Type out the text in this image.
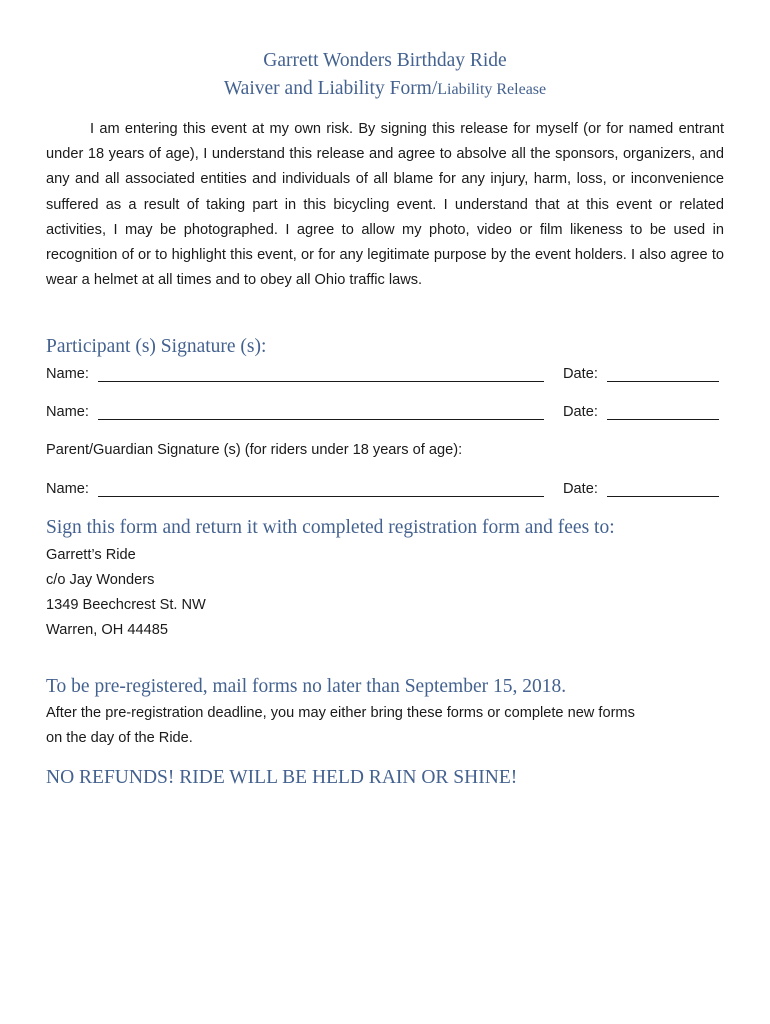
Garrett Wonders Birthday Ride
Waiver and Liability Form/Liability Release
I am entering this event at my own risk. By signing this release for myself (or for named entrant under 18 years of age), I understand this release and agree to absolve all the sponsors, organizers, and any and all associated entities and individuals of all blame for any injury, harm, loss, or inconvenience suffered as a result of taking part in this bicycling event. I understand that at this event or related activities, I may be photographed. I agree to allow my photo, video or film likeness to be used in recognition of or to highlight this event, or for any legitimate purpose by the event holders. I also agree to wear a helmet at all times and to obey all Ohio traffic laws.
Participant (s) Signature (s):
Name:	Date:
Name:	Date:
Parent/Guardian Signature (s) (for riders under 18 years of age):
Name:	Date:
Sign this form and return it with completed registration form and fees to:
Garrett’s Ride
c/o Jay Wonders
1349 Beechcrest St. NW
Warren, OH 44485
To be pre-registered, mail forms no later than September 15, 2018.
After the pre-registration deadline, you may either bring these forms or complete new forms
on the day of the Ride.
NO REFUNDS! RIDE WILL BE HELD RAIN OR SHINE!
